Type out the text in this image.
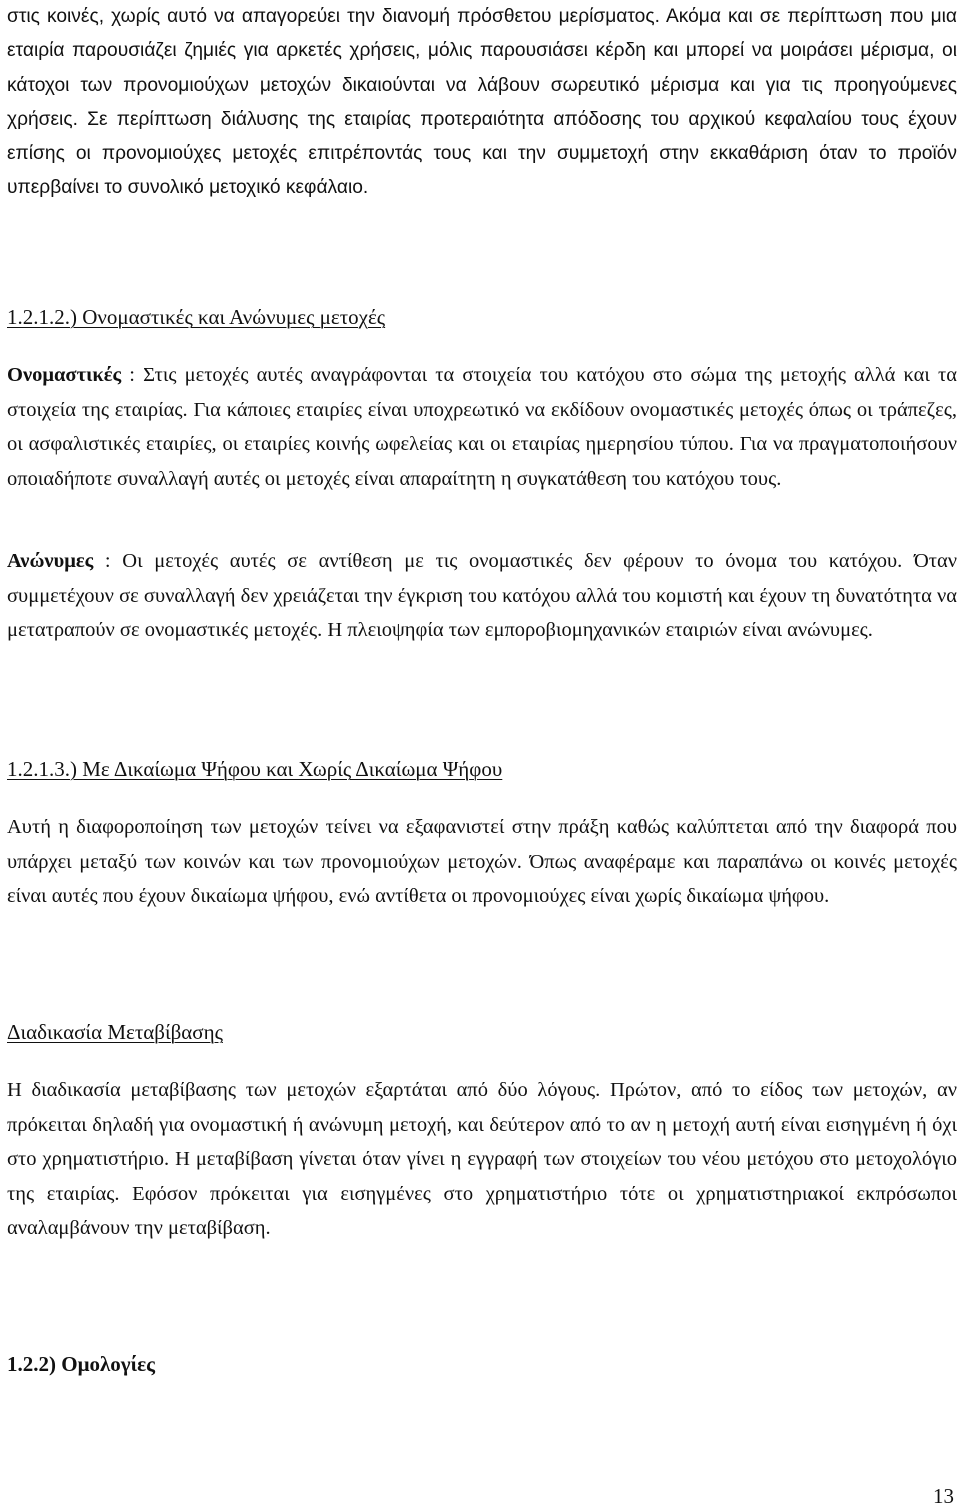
στις κοινές, χωρίς αυτό να απαγορεύει την διανομή πρόσθετου μερίσματος. Ακόμα και σε περίπτωση που μια εταιρία παρουσιάζει ζημιές για αρκετές χρήσεις, μόλις παρουσιάσει κέρδη και μπορεί να μοιράσει μέρισμα, οι κάτοχοι των προνομιούχων μετοχών δικαιούνται να λάβουν σωρευτικό μέρισμα και για τις προηγούμενες χρήσεις. Σε περίπτωση διάλυσης της εταιρίας προτεραιότητα απόδοσης του αρχικού κεφαλαίου τους έχουν επίσης οι προνομιούχες μετοχές επιτρέποντάς τους και την συμμετοχή στην εκκαθάριση όταν το προϊόν υπερβαίνει το συνολικό μετοχικό κεφάλαιο.

1.2.1.2.) Ονομαστικές και Ανώνυμες μετοχές

Ονομαστικές : Στις μετοχές αυτές αναγράφονται τα στοιχεία του κατόχου στο σώμα της μετοχής αλλά και τα στοιχεία της εταιρίας. Για κάποιες εταιρίες είναι υποχρεωτικό να εκδίδουν ονομαστικές μετοχές όπως οι τράπεζες, οι ασφαλιστικές εταιρίες, οι εταιρίες κοινής ωφελείας και οι εταιρίας ημερησίου τύπου. Για να πραγματοποιήσουν οποιαδήποτε συναλλαγή αυτές οι μετοχές είναι απαραίτητη η συγκατάθεση του κατόχου τους.

Ανώνυμες : Οι μετοχές αυτές σε αντίθεση με τις ονομαστικές δεν φέρουν το όνομα του κατόχου. Όταν συμμετέχουν σε συναλλαγή δεν χρειάζεται την έγκριση του κατόχου αλλά του κομιστή και έχουν τη δυνατότητα να μετατραπούν σε ονομαστικές μετοχές. Η πλειοψηφία των εμποροβιομηχανικών εταιριών είναι ανώνυμες.

1.2.1.3.) Με Δικαίωμα Ψήφου και Χωρίς Δικαίωμα Ψήφου

Αυτή η διαφοροποίηση των μετοχών τείνει να εξαφανιστεί στην πράξη καθώς καλύπτεται από την διαφορά που υπάρχει μεταξύ των κοινών και των προνομιούχων μετοχών. Όπως αναφέραμε και παραπάνω οι κοινές μετοχές είναι αυτές που έχουν δικαίωμα ψήφου, ενώ αντίθετα οι προνομιούχες είναι χωρίς δικαίωμα ψήφου.

Διαδικασία Μεταβίβασης

Η διαδικασία μεταβίβασης των μετοχών εξαρτάται από δύο λόγους. Πρώτον, από το είδος των μετοχών, αν πρόκειται δηλαδή για ονομαστική ή ανώνυμη μετοχή, και δεύτερον από το αν η μετοχή αυτή είναι εισηγμένη ή όχι στο χρηματιστήριο. Η μεταβίβαση γίνεται όταν γίνει η εγγραφή των στοιχείων του νέου μετόχου στο μετοχολόγιο της εταιρίας. Εφόσον πρόκειται για εισηγμένες στο χρηματιστήριο τότε οι χρηματιστηριακοί εκπρόσωποι αναλαμβάνουν την μεταβίβαση.

1.2.2) Ομολογίες

13
